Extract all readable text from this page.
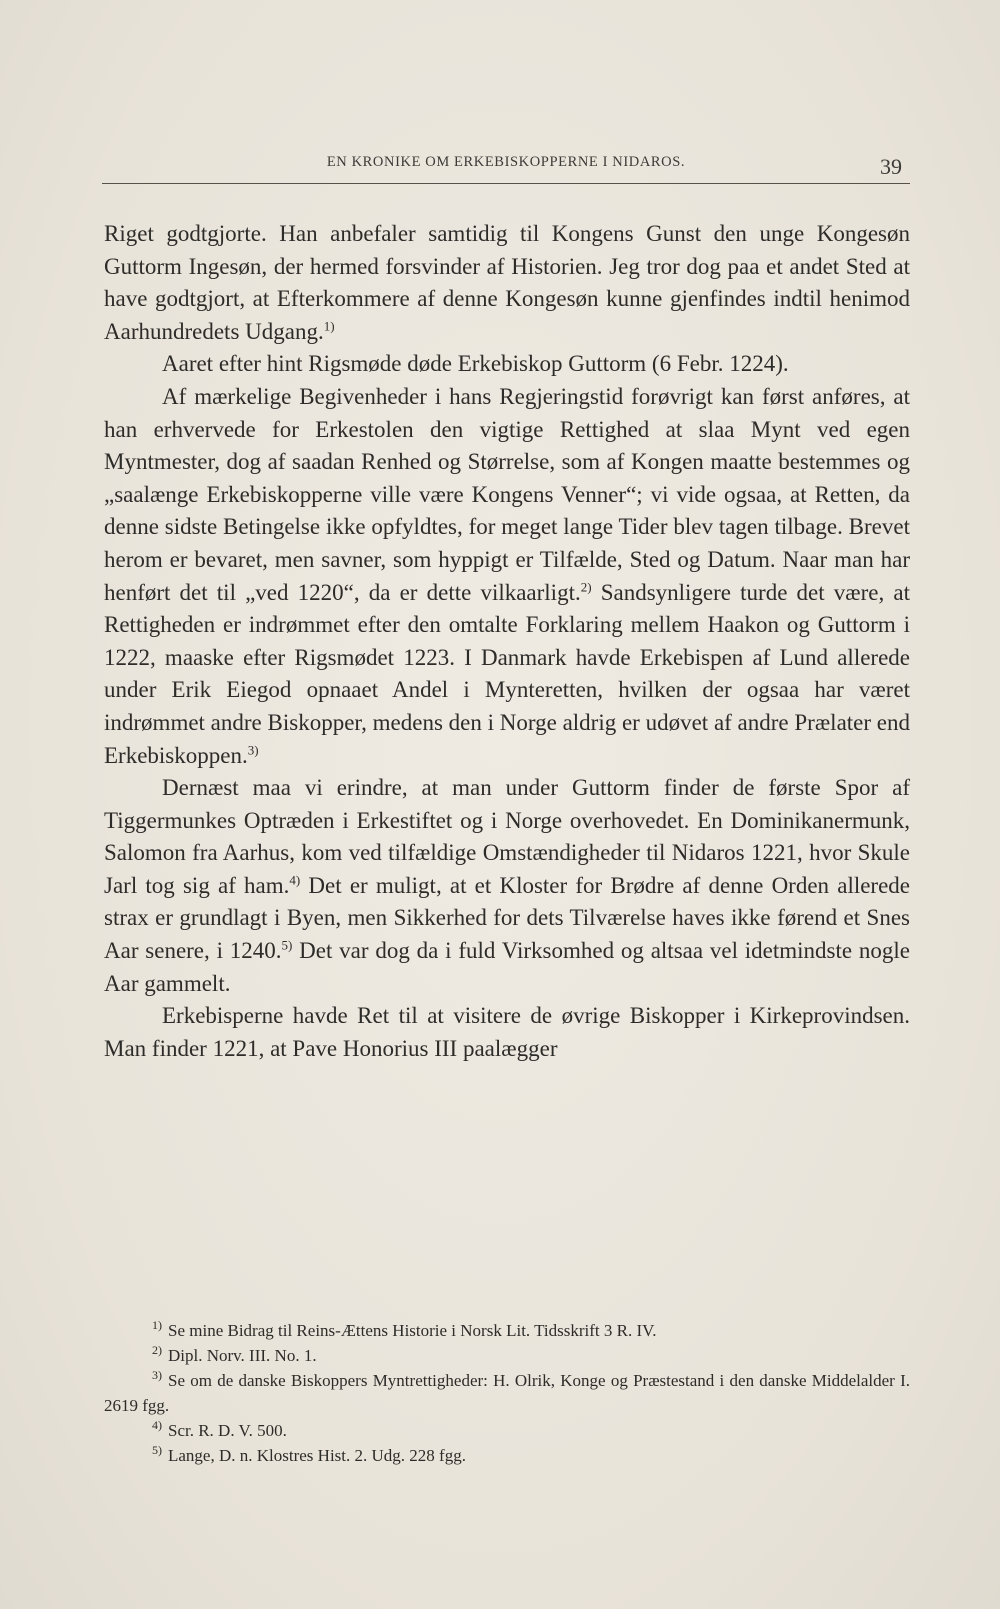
EN KRONIKE OM ERKEBISKOPPERNE I NIDAROS.	39

Riget godtgjorte. Han anbefaler samtidig til Kongens Gunst den unge Kongesøn Guttorm Ingesøn, der hermed forsvinder af Historien. Jeg tror dog paa et andet Sted at have godtgjort, at Efterkommere af denne Kongesøn kunne gjenfindes indtil henimod Aarhundredets Udgang.$^{1)}$

Aaret efter hint Rigsmøde døde Erkebiskop Guttorm (6 Febr. 1224).

Af mærkelige Begivenheder i hans Regjeringstid forøvrigt kan først anføres, at han erhvervede for Erkestolen den vigtige Rettighed at slaa Mynt ved egen Myntmester, dog af saadan Renhed og Størrelse, som af Kongen maatte bestemmes og „saalænge Erkebiskopperne ville være Kongens Venner“; vi vide ogsaa, at Retten, da denne sidste Betingelse ikke opfyldtes, for meget lange Tider blev tagen tilbage. Brevet herom er bevaret, men savner, som hyppigt er Tilfælde, Sted og Datum. Naar man har henført det til „ved 1220“, da er dette vilkaarligt.$^{2)}$ Sandsynligere turde det være, at Rettigheden er indrømmet efter den omtalte Forklaring mellem Haakon og Guttorm i 1222, maaske efter Rigsmødet 1223. I Danmark havde Erkebispen af Lund allerede under Erik Eiegod opnaaet Andel i Mynteretten, hvilken der ogsaa har været indrømmet andre Biskopper, medens den i Norge aldrig er udøvet af andre Prælater end Erkebiskoppen.$^{3)}$

Dernæst maa vi erindre, at man under Guttorm finder de første Spor af Tiggermunkes Optræden i Erkestiftet og i Norge overhovedet. En Dominikanermunk, Salomon fra Aarhus, kom ved tilfældige Omstændigheder til Nidaros 1221, hvor Skule Jarl tog sig af ham.$^{4)}$ Det er muligt, at et Kloster for Brødre af denne Orden allerede strax er grundlagt i Byen, men Sikkerhed for dets Tilværelse haves ikke førend et Snes Aar senere, i 1240.$^{5)}$ Det var dog da i fuld Virksomhed og altsaa vel idetmindste nogle Aar gammelt.

Erkebisperne havde Ret til at visitere de øvrige Biskopper i Kirkeprovindsen. Man finder 1221, at Pave Honorius III paalægger

$^{1)}$ Se mine Bidrag til Reins-Ættens Historie i Norsk Lit. Tidsskrift 3 R. IV.

$^{2)}$ Dipl. Norv. III. No. 1.

$^{3)}$ Se om de danske Biskoppers Myntrettigheder: H. Olrik, Konge og Præstestand i den danske Middelalder I. 2619 fgg.

$^{4)}$ Scr. R. D. V. 500.

$^{5)}$ Lange, D. n. Klostres Hist. 2. Udg. 228 fgg.
